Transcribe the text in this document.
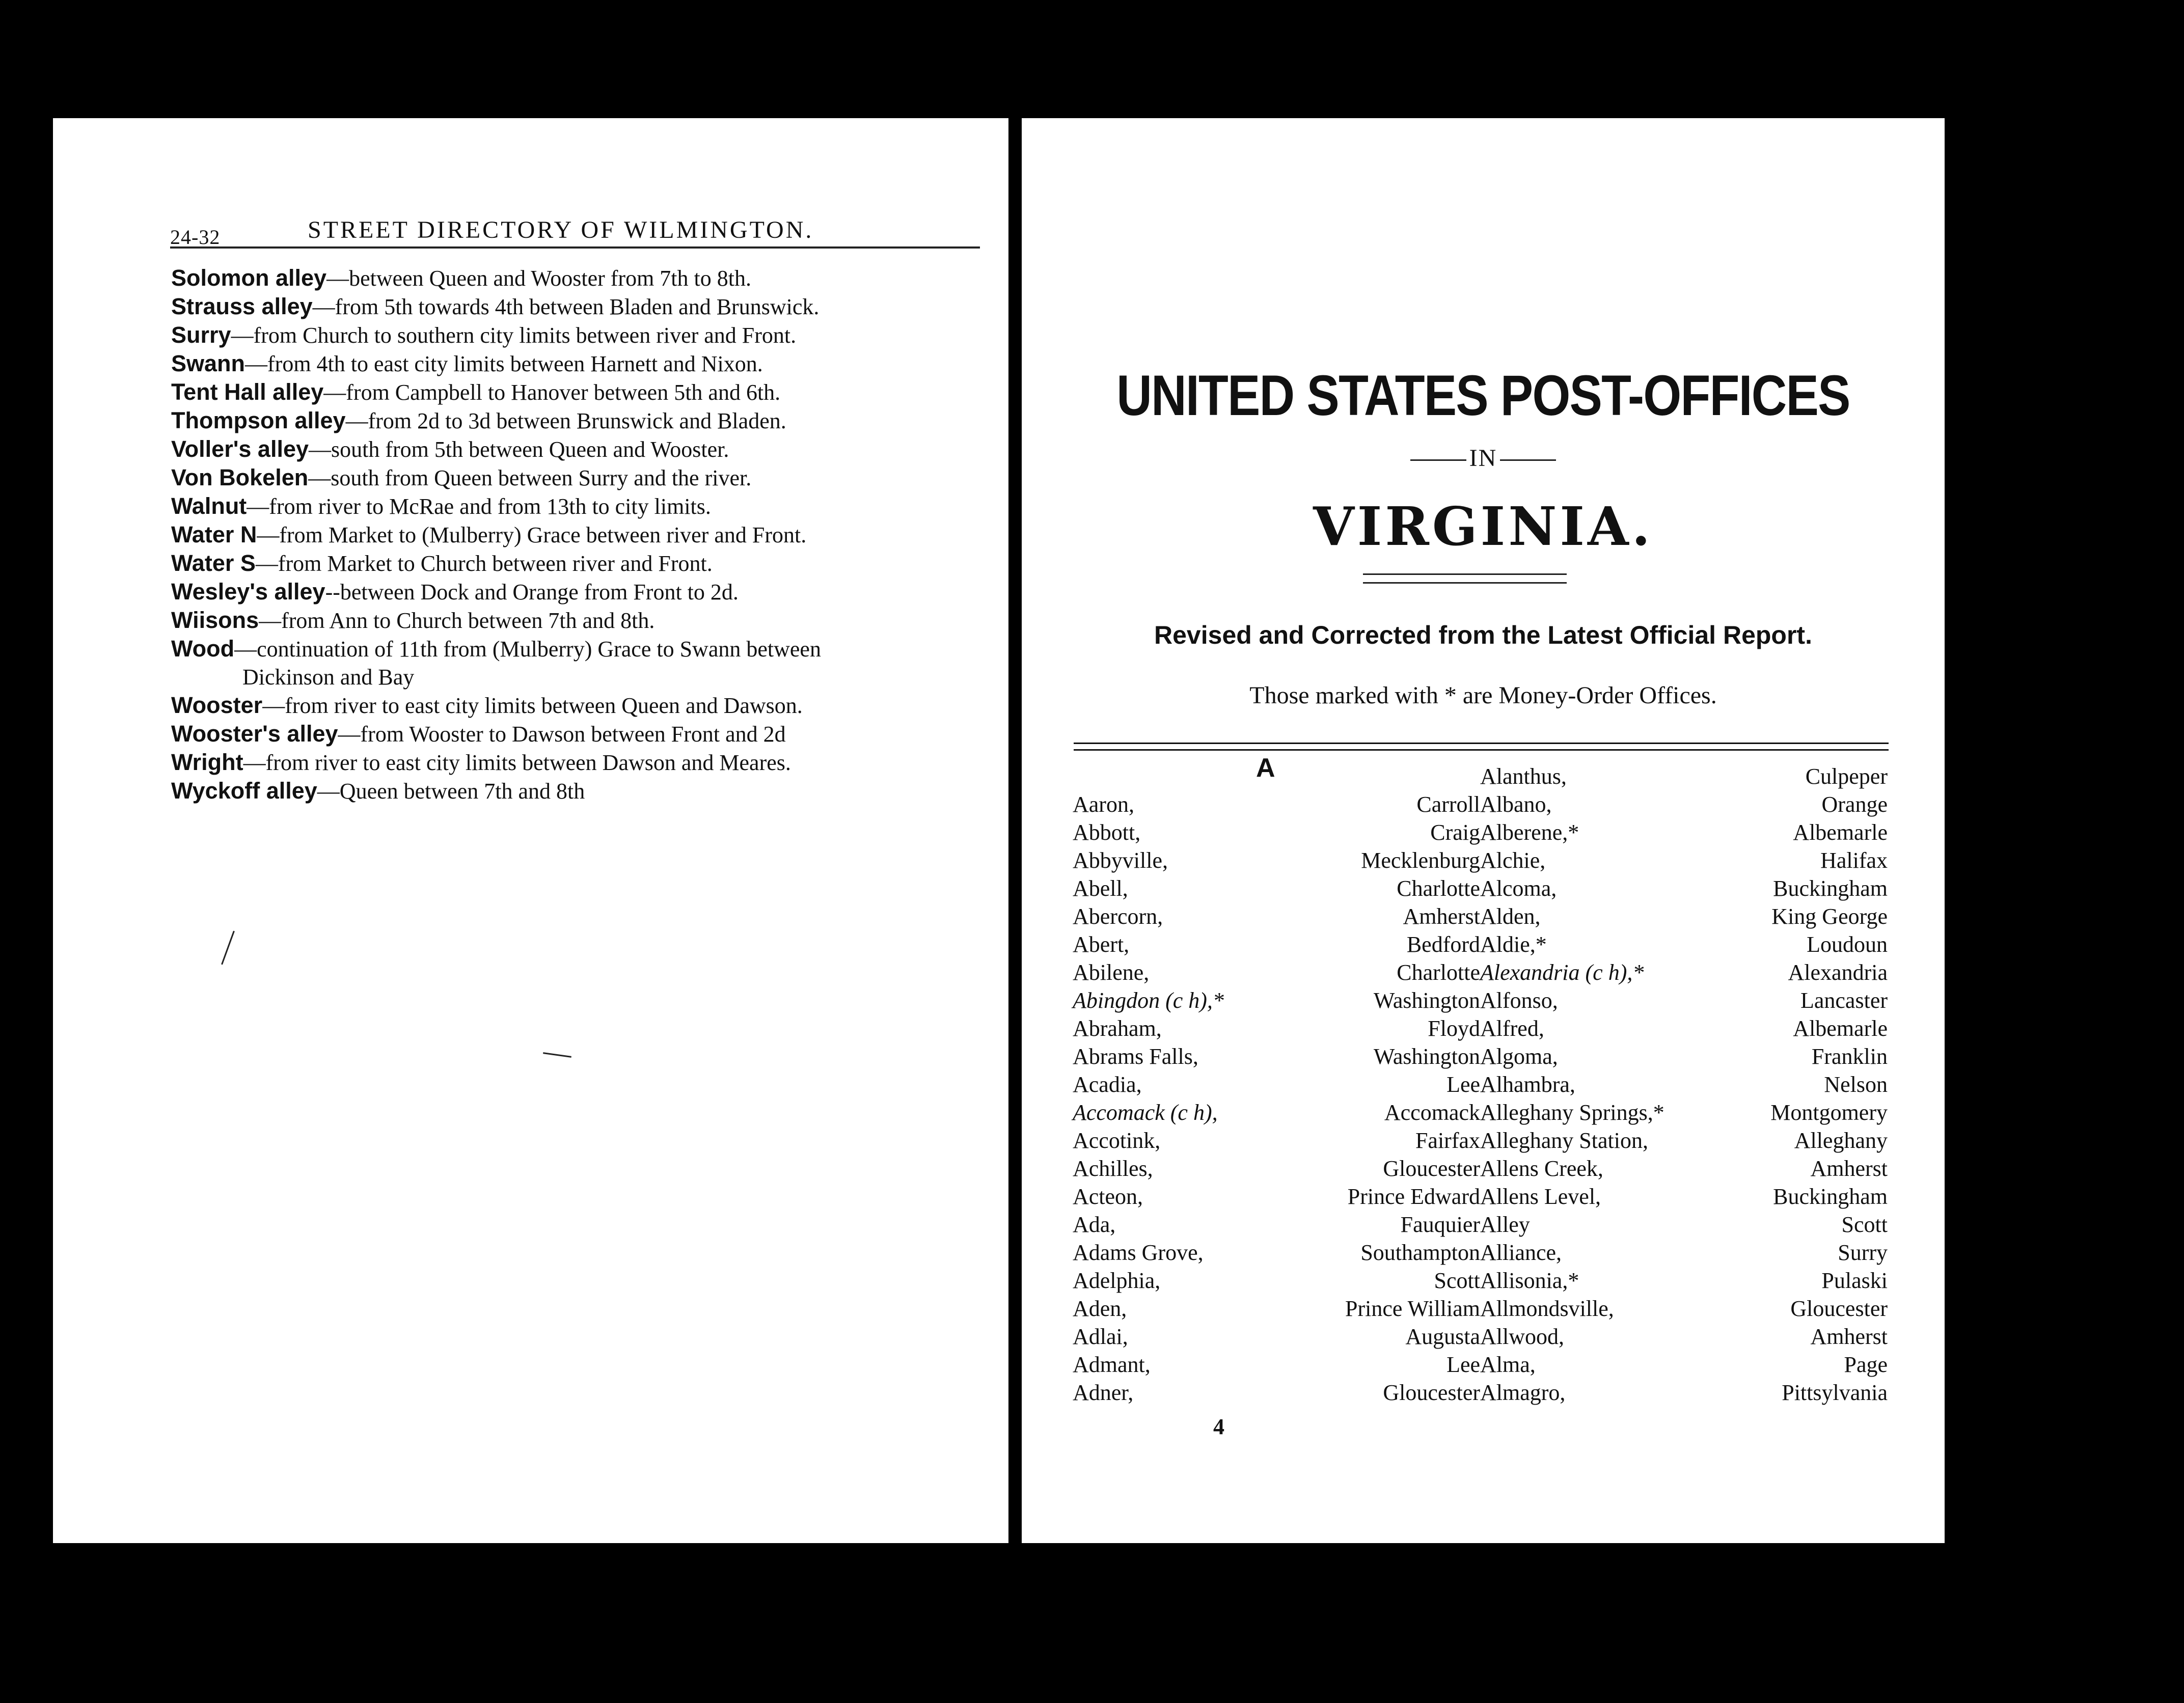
24-32	STREET DIRECTORY OF WILMINGTON.
Solomon alley—between Queen and Wooster from 7th to 8th.
Strauss alley—from 5th towards 4th between Bladen and Brunswick.
Surry—from Church to southern city limits between river and Front.
Swann—from 4th to east city limits between Harnett and Nixon.
Tent Hall alley—from Campbell to Hanover between 5th and 6th.
Thompson alley—from 2d to 3d between Brunswick and Bladen.
Voller's alley—south from 5th between Queen and Wooster.
Von Bokelen—south from Queen between Surry and the river.
Walnut—from river to McRae and from 13th to city limits.
Water N—from Market to (Mulberry) Grace between river and Front.
Water S—from Market to Church between river and Front.
Wesley's alley--between Dock and Orange from Front to 2d.
Wiisons—from Ann to Church between 7th and 8th.
Wood—continuation of 11th from (Mulberry) Grace to Swann between
Dickinson and Bay
Wooster—from river to east city limits between Queen and Dawson.
Wooster's alley—from Wooster to Dawson between Front and 2d
Wright—from river to east city limits between Dawson and Meares.
Wyckoff alley—Queen between 7th and 8th
UNITED STATES POST-OFFICES
IN
VIRGINIA.
Revised and Corrected from the Latest Official Report.
Those marked with * are Money-Order Offices.
A
Aaron,	Carroll
Abbott,	Craig
Abbyville,	Mecklenburg
Abell,	Charlotte
Abercorn,	Amherst
Abert,	Bedford
Abilene,	Charlotte
Abingdon (c h),*	Washington
Abraham,	Floyd
Abrams Falls,	Washington
Acadia,	Lee
Accomack (c h),	Accomack
Accotink,	Fairfax
Achilles,	Gloucester
Acteon,	Prince Edward
Ada,	Fauquier
Adams Grove,	Southampton
Adelphia,	Scott
Aden,	Prince William
Adlai,	Augusta
Admant,	Lee
Adner,	Gloucester
Alanthus,	Culpeper
Albano,	Orange
Alberene,*	Albemarle
Alchie,	Halifax
Alcoma,	Buckingham
Alden,	King George
Aldie,*	Loudoun
Alexandria (c h),*	Alexandria
Alfonso,	Lancaster
Alfred,	Albemarle
Algoma,	Franklin
Alhambra,	Nelson
Alleghany Springs,*	Montgomery
Alleghany Station,	Alleghany
Allens Creek,	Amherst
Allens Level,	Buckingham
Alley	Scott
Alliance,	Surry
Allisonia,*	Pulaski
Allmondsville,	Gloucester
Allwood,	Amherst
Alma,	Page
Almagro,	Pittsylvania
4
